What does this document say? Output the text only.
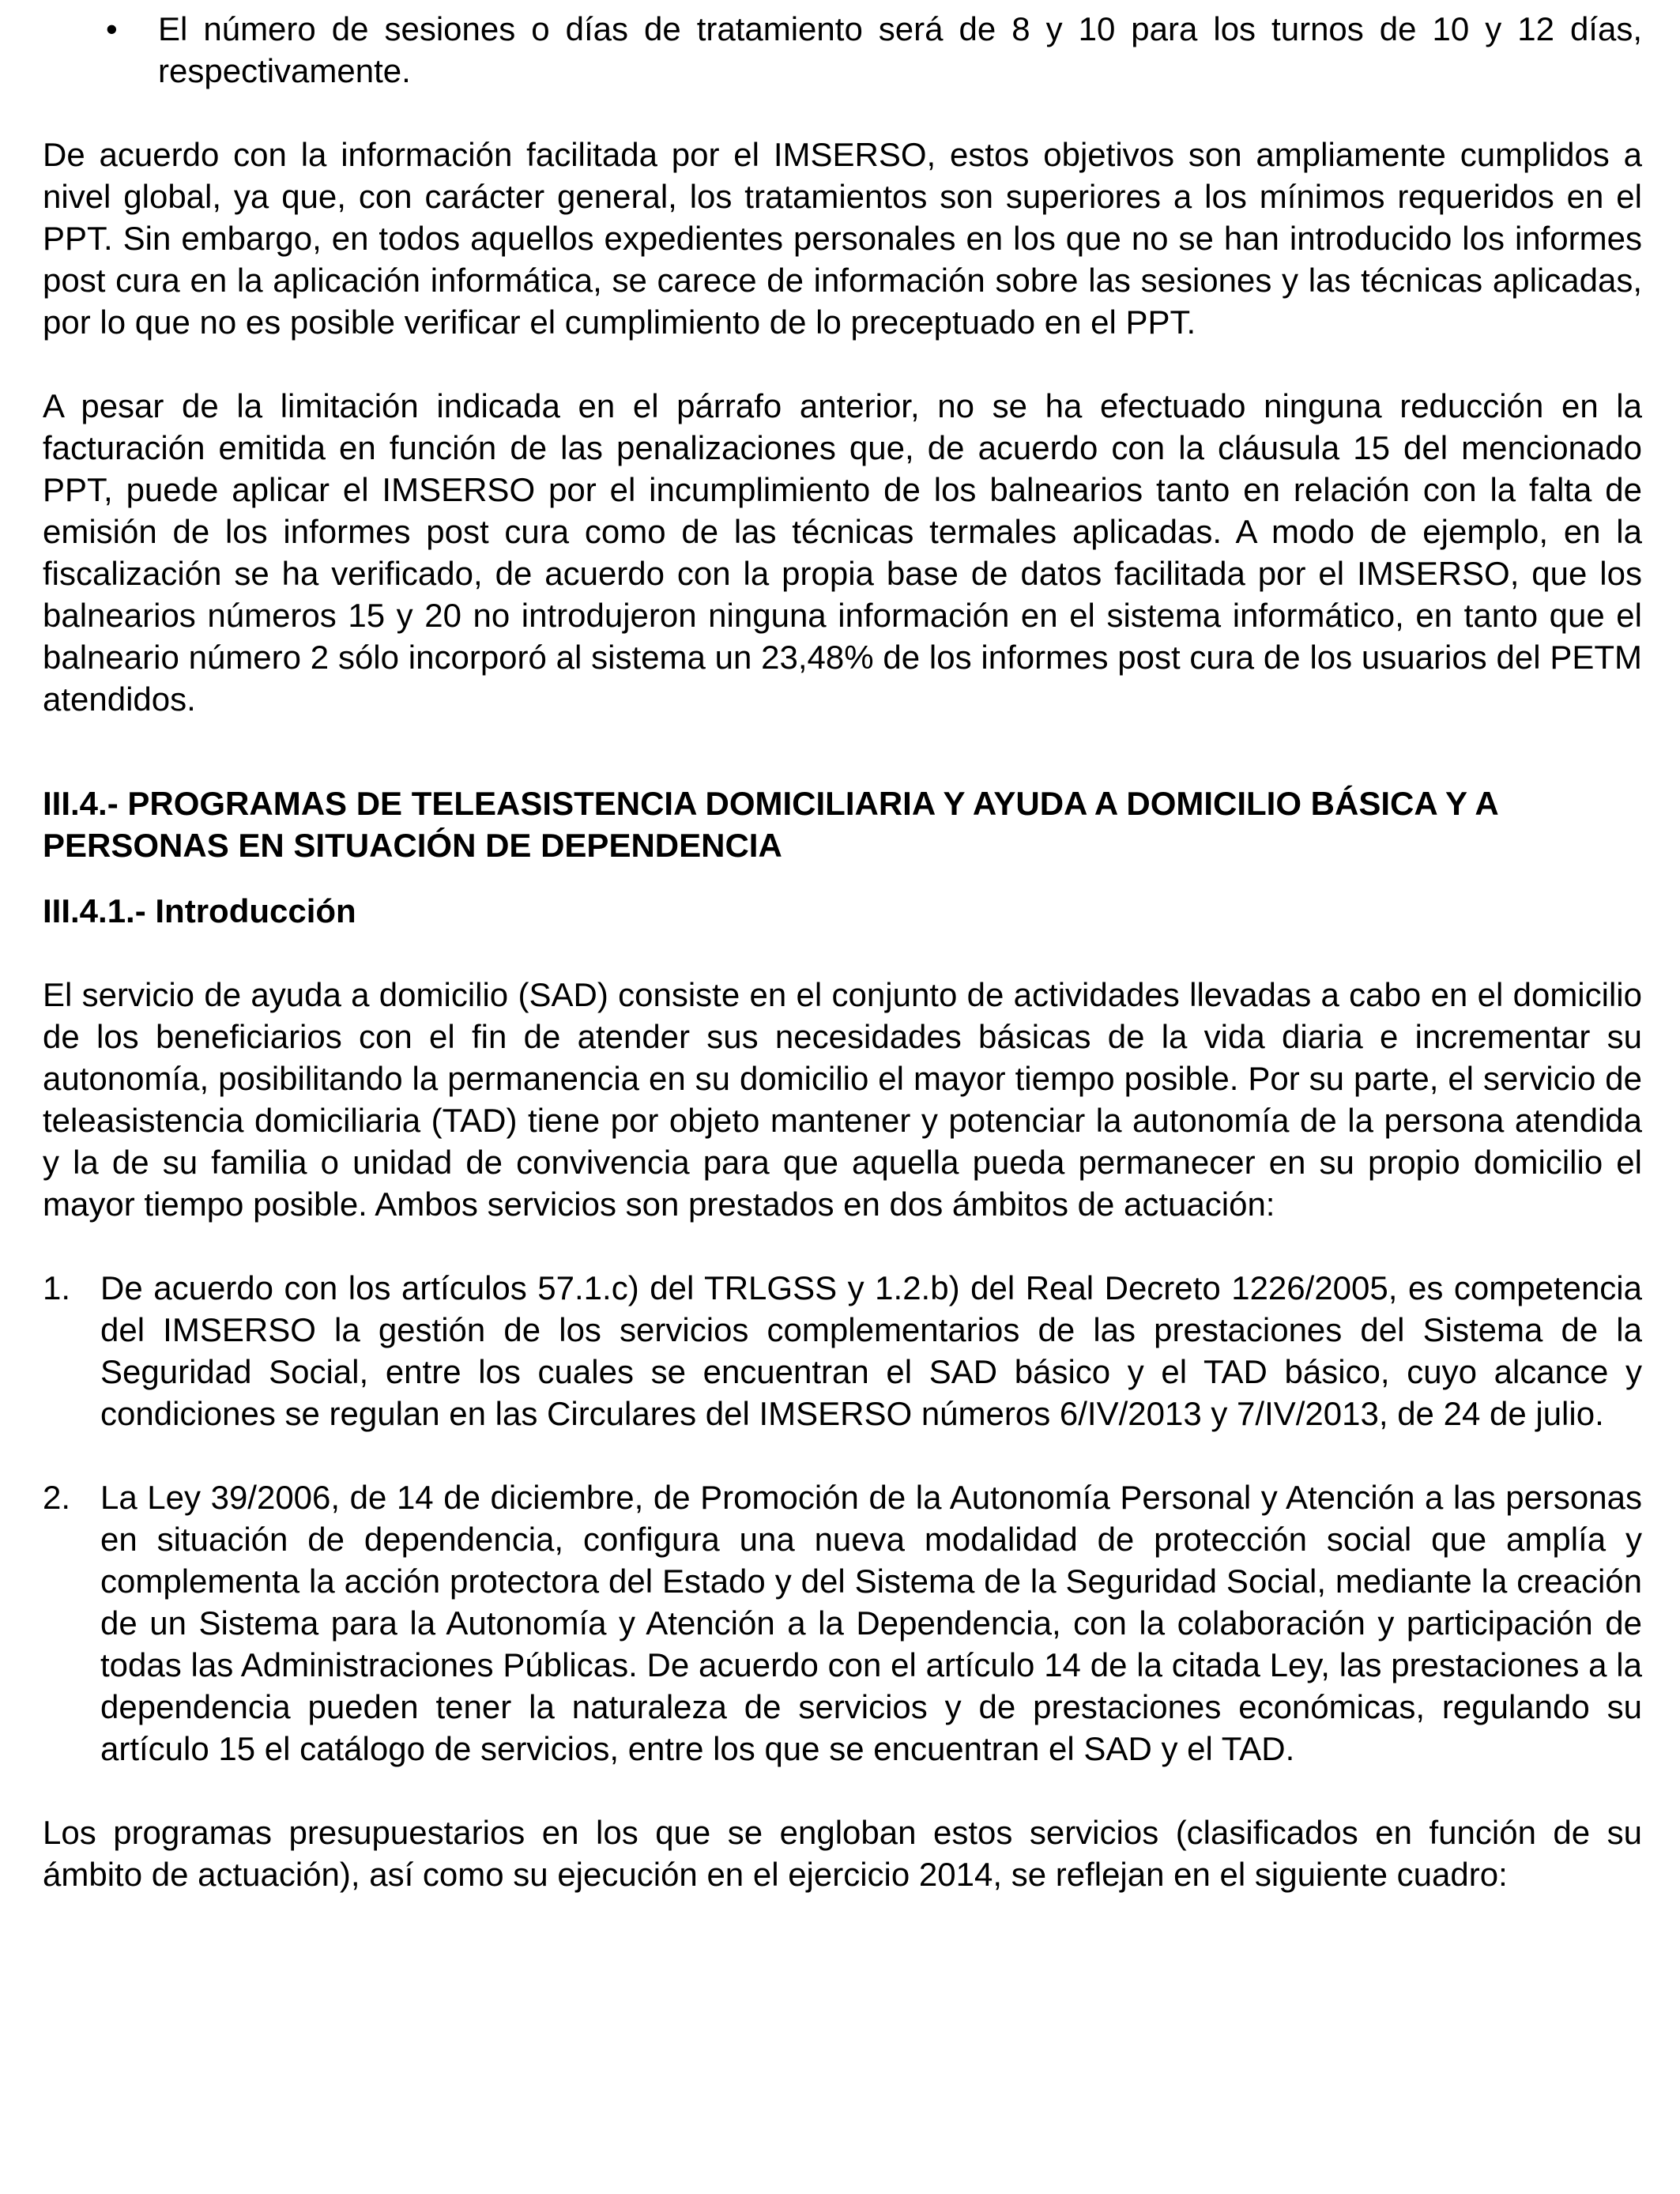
•	El número de sesiones o días de tratamiento será de 8 y 10 para los turnos de 10 y 12 días, respectivamente.

De acuerdo con la información facilitada por el IMSERSO, estos objetivos son ampliamente cumplidos a nivel global, ya que, con carácter general, los tratamientos son superiores a los mínimos requeridos en el PPT. Sin embargo, en todos aquellos expedientes personales en los que no se han introducido los informes post cura en la aplicación informática, se carece de información sobre las sesiones y las técnicas aplicadas, por lo que no es posible verificar el cumplimiento de lo preceptuado en el PPT.

A pesar de la limitación indicada en el párrafo anterior, no se ha efectuado ninguna reducción en la facturación emitida en función de las penalizaciones que, de acuerdo con la cláusula 15 del mencionado PPT, puede aplicar el IMSERSO por el incumplimiento de los balnearios tanto en relación con la falta de emisión de los informes post cura como de las técnicas termales aplicadas. A modo de ejemplo, en la fiscalización se ha verificado, de acuerdo con la propia base de datos facilitada por el IMSERSO, que los balnearios números 15 y 20 no introdujeron ninguna información en el sistema informático, en tanto que el balneario número 2 sólo incorporó al sistema un 23,48% de los informes post cura de los usuarios del PETM atendidos.

III.4.- PROGRAMAS DE TELEASISTENCIA DOMICILIARIA Y AYUDA A DOMICILIO BÁSICA Y A PERSONAS EN SITUACIÓN DE DEPENDENCIA

III.4.1.- Introducción

El servicio de ayuda a domicilio (SAD) consiste en el conjunto de actividades llevadas a cabo en el domicilio de los beneficiarios con el fin de atender sus necesidades básicas de la vida diaria e incrementar su autonomía, posibilitando la permanencia en su domicilio el mayor tiempo posible. Por su parte, el servicio de teleasistencia domiciliaria (TAD) tiene por objeto mantener y potenciar la autonomía de la persona atendida y la de su familia o unidad de convivencia para que aquella pueda permanecer en su propio domicilio el mayor tiempo posible. Ambos servicios son prestados en dos ámbitos de actuación:

1. De acuerdo con los artículos 57.1.c) del TRLGSS y 1.2.b) del Real Decreto 1226/2005, es competencia del IMSERSO la gestión de los servicios complementarios de las prestaciones del Sistema de la Seguridad Social, entre los cuales se encuentran el SAD básico y el TAD básico, cuyo alcance y condiciones se regulan en las Circulares del IMSERSO números 6/IV/2013 y 7/IV/2013, de 24 de julio.
2. La Ley 39/2006, de 14 de diciembre, de Promoción de la Autonomía Personal y Atención a las personas en situación de dependencia, configura una nueva modalidad de protección social que amplía y complementa la acción protectora del Estado y del Sistema de la Seguridad Social, mediante la creación de un Sistema para la Autonomía y Atención a la Dependencia, con la colaboración y participación de todas las Administraciones Públicas. De acuerdo con el artículo 14 de la citada Ley, las prestaciones a la dependencia pueden tener la naturaleza de servicios y de prestaciones económicas, regulando su artículo 15 el catálogo de servicios, entre los que se encuentran el SAD y el TAD.

Los programas presupuestarios en los que se engloban estos servicios (clasificados en función de su ámbito de actuación), así como su ejecución en el ejercicio 2014, se reflejan en el siguiente cuadro:
